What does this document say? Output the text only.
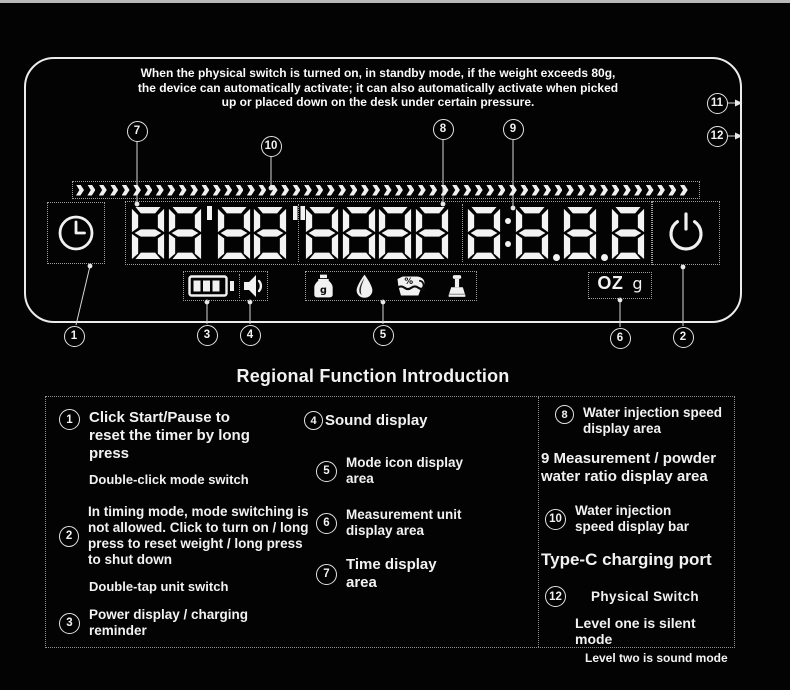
When the physical switch is turned on, in standby mode, if the weight exceeds 80g, the device can automatically activate; it can also automatically activate when picked up or placed down on the desk under certain pressure.
7
10
8	9
11
12
g
%	OZ g
1	3	4	5	6	2
Regional Function Introduction
1	Click Start/Pause to reset the timer by long press
Double-click mode switch
2
In timing mode, mode switching is not allowed. Click to turn on / long press to reset weight / long press to shut down
Double-tap unit switch
3
Power display / charging reminder
4 Sound display
5
Mode icon display area
6
Measurement unit display area
7
Time display area
8	Water injection speed display area
9 Measurement / powder water ratio display area
10
Water injection speed display bar
Type-C charging port
12	Physical Switch
Level one is silent mode
Level two is sound mode
